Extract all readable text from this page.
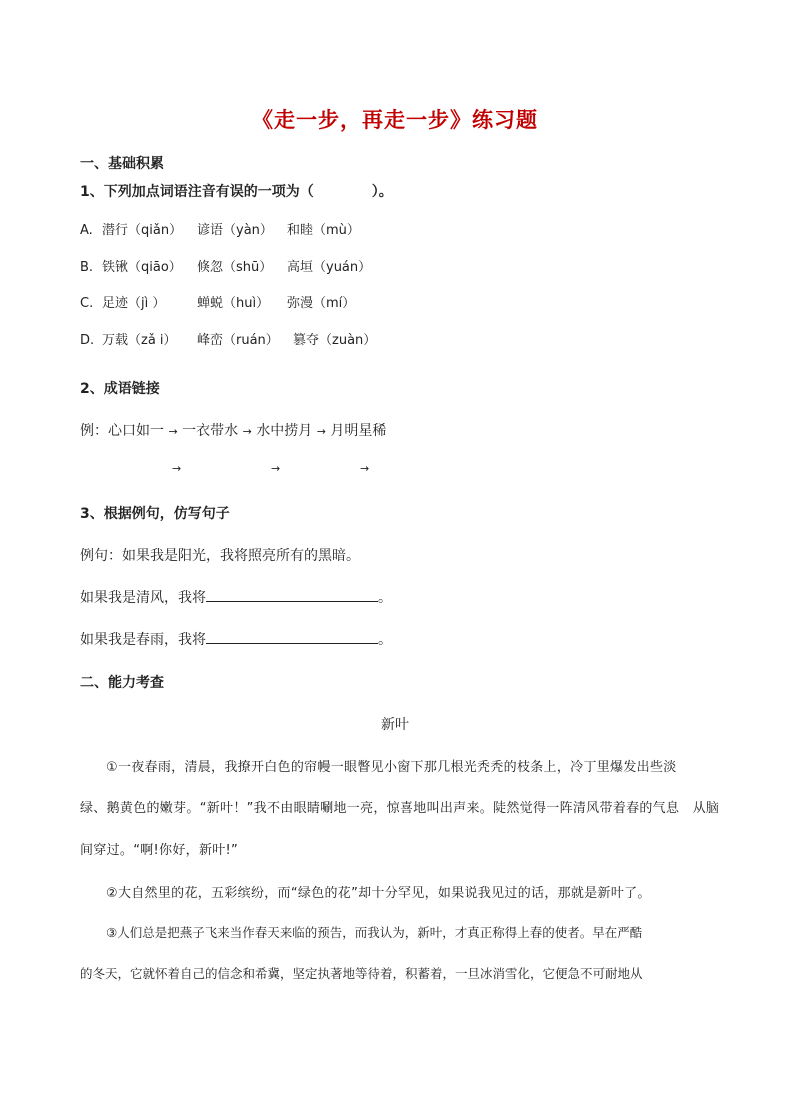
《走一步，再走一步》练习题
一、基础积累
1、下列加点词语注音有误的一项为（	）。
A. 潜行（qiǎn） 谚语（yàn） 和睦（mù）
B. 铁锹（qiāo） 倏忽（shū） 高垣（yuán）
C. 足迹（jì ） 蝉蜕（huì） 弥漫（mí）
D. 万载（zǎ i） 峰峦（ruán） 篡夺（zuàn）
2、成语链接
例：心口如一 → 一衣带水 → 水中捞月 → 月明星稀
→	→	→
3、根据例句，仿写句子
例句：如果我是阳光，我将照亮所有的黑暗。
如果我是清风，我将	。
如果我是春雨，我将	。
二、能力考查
新叶
①一夜春雨，清晨，我撩开白色的帘幔一眼瞥见小窗下那几根光秃秃的枝条上，冷丁里爆发出些淡
绿、鹅黄色的嫩芽。“新叶！”我不由眼睛唰地一亮，惊喜地叫出声来。陡然觉得一阵清风带着春的气息　从脑
间穿过。“啊!你好，新叶!”
②大自然里的花，五彩缤纷，而“绿色的花”却十分罕见，如果说我见过的话，那就是新叶了。
③人们总是把燕子飞来当作春天来临的预告，而我认为，新叶，才真正称得上春的使者。早在严酷
的冬天，它就怀着自己的信念和希冀，坚定执著地等待着，积蓄着，一旦冰消雪化，它便急不可耐地从
